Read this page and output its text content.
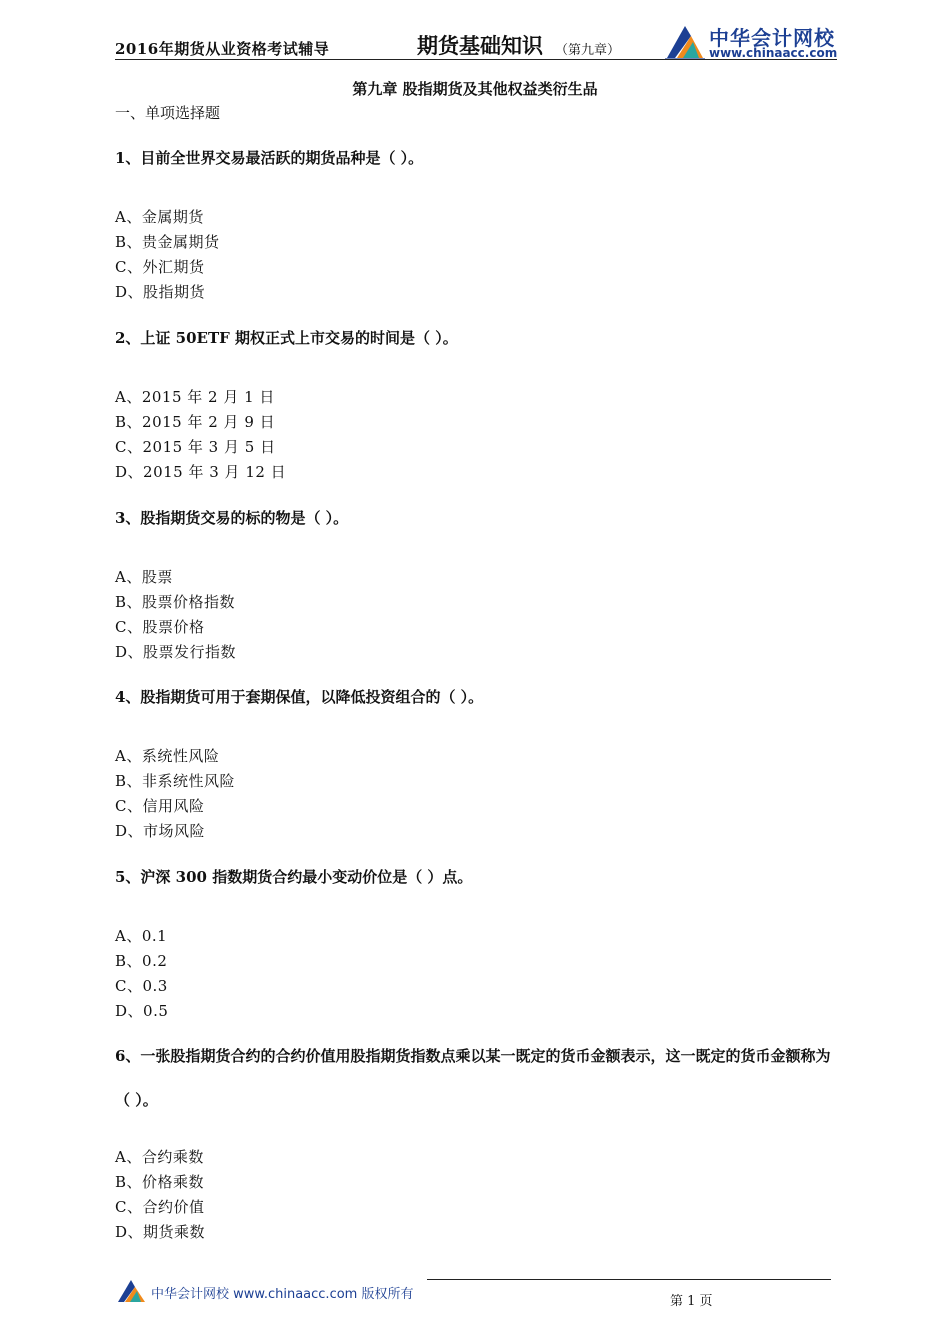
2016年期货从业资格考试辅导	期货基础知识 （第九章）
中华会计网校
www.chinaacc.com
第九章 股指期货及其他权益类衍生品
一、单项选择题
1、目前全世界交易最活跃的期货品种是（ ）。
A、金属期货
B、贵金属期货
C、外汇期货
D、股指期货
2、上证 50ETF 期权正式上市交易的时间是（ ）。
A、2015 年 2 月 1 日
B、2015 年 2 月 9 日
C、2015 年 3 月 5 日
D、2015 年 3 月 12 日
3、股指期货交易的标的物是（ ）。
A、股票
B、股票价格指数
C、股票价格
D、股票发行指数
4、股指期货可用于套期保值，以降低投资组合的（ ）。
A、系统性风险
B、非系统性风险
C、信用风险
D、市场风险
5、沪深 300 指数期货合约最小变动价位是（ ）点。
A、0.1
B、0.2
C、0.3
D、0.5
6、一张股指期货合约的合约价值用股指期货指数点乘以某一既定的货币金额表示，这一既定的货币金额称为（ ）。
A、合约乘数
B、价格乘数
C、合约价值
D、期货乘数
中华会计网校 www.chinaacc.com 版权所有	第 1 页
